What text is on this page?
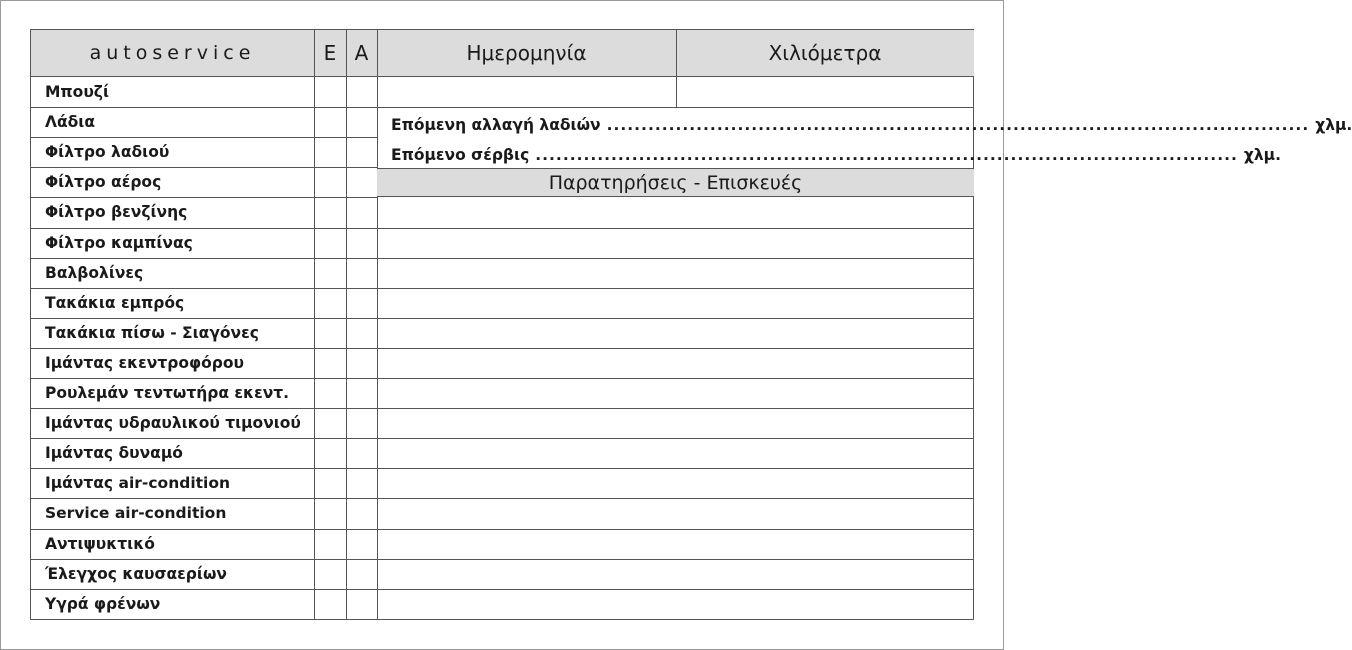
autoservice	E A	Ημερομηνία	Χιλιόμετρα
Επόμενη αλλαγή λαδιών ...................................................................................................... χλμ.
Επόμενο σέρβις ...................................................................................................... χλμ.
Παρατηρήσεις - Επισκευές
Μπουζί
Λάδια
Φίλτρο λαδιού
Φίλτρο αέρος
Φίλτρο βενζίνης
Φίλτρο καμπίνας
Βαλβολίνες
Τακάκια εμπρός
Τακάκια πίσω - Σιαγόνες
Ιμάντας εκεντροφόρου
Ρουλεμάν τεντωτήρα εκεντ.
Ιμάντας υδραυλικού τιμονιού
Ιμάντας δυναμό
Ιμάντας air-condition
Service air-condition
Αντιψυκτικό
Έλεγχος καυσαερίων
Υγρά φρένων
